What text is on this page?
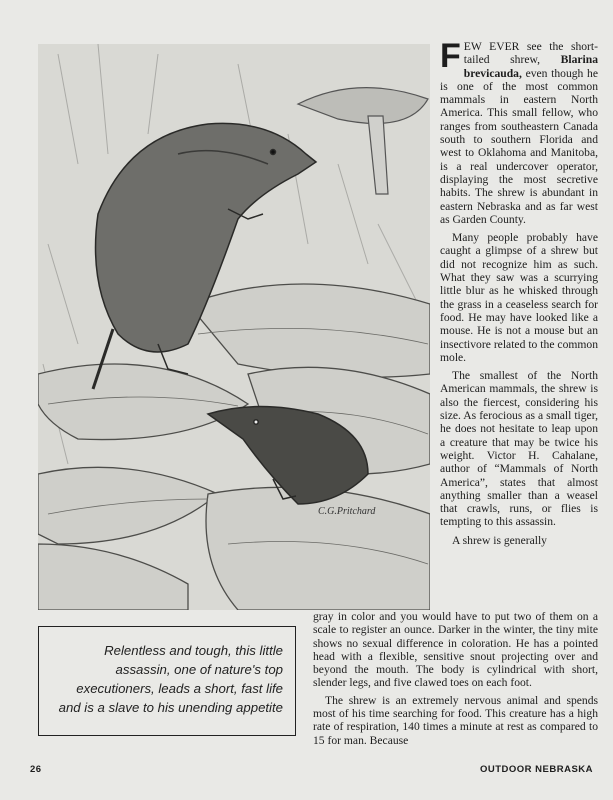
C.G.Pritchard

FEW EVER see the short-tailed shrew, Blarina brevicauda, even though he is one of the most common mammals in eastern North America. This small fellow, who ranges from southeastern Canada south to southern Florida and west to Oklahoma and Manitoba, is a real undercover operator, displaying the most secretive habits. The shrew is abundant in eastern Nebraska and as far west as Garden County.

Many people probably have caught a glimpse of a shrew but did not recognize him as such. What they saw was a scurrying little blur as he whisked through the grass in a ceaseless search for food. He may have looked like a mouse. He is not a mouse but an insectivore related to the common mole.

The smallest of the North American mammals, the shrew is also the fiercest, considering his size. As ferocious as a small tiger, he does not hesitate to leap upon a creature that may be twice his weight. Victor H. Cahalane, author of “Mammals of North America”, states that almost anything smaller than a weasel that crawls, runs, or flies is tempting to this assassin.

A shrew is generally

gray in color and you would have to put two of them on a scale to register an ounce. Darker in the winter, the tiny mite shows no sexual difference in coloration. He has a pointed head with a flexible, sensitive snout projecting over and beyond the mouth. The body is cylindrical with short, slender legs, and five clawed toes on each foot.

The shrew is an extremely nervous animal and spends most of his time searching for food. This creature has a high rate of respiration, 140 times a minute at rest as compared to 15 for man. Because

Relentless and tough, this little assassin, one of nature's top executioners, leads a short, fast life and is a slave to his unending appetite
26	OUTDOOR NEBRASKA
